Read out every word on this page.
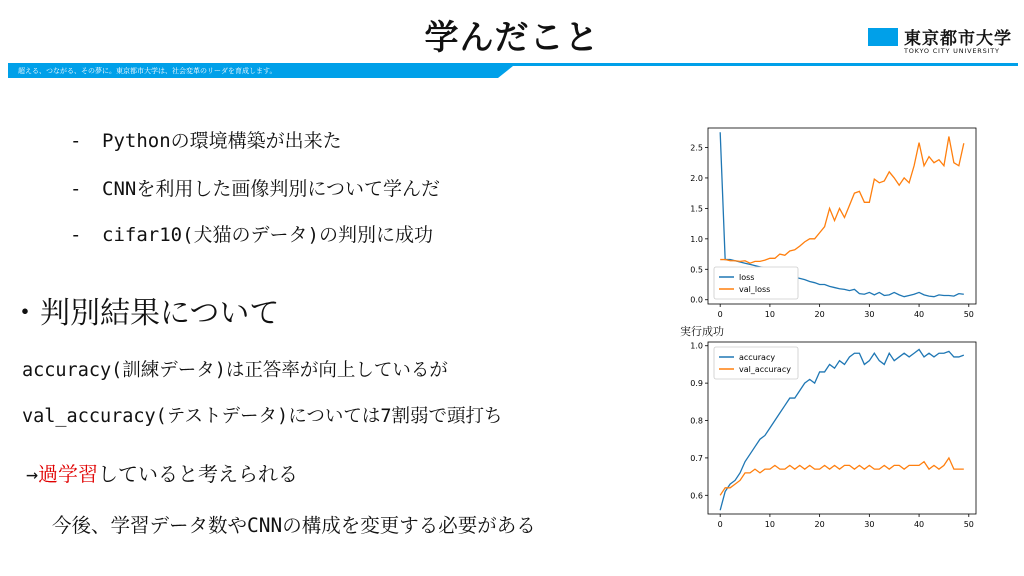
学んだこと	東京都市大学
TOKYO CITY UNIVERSITY
超える、つながる、その夢に。東京都市大学は、社会変革のリーダを育成します。
- Pythonの環境構築が出来た
- CNNを利用した画像判別について学んだ
- cifar10(犬猫のデータ)の判別に成功
・判別結果について
accuracy(訓練データ)は正答率が向上しているが
val_accuracy(テストデータ)については7割弱で頭打ち
→過学習していると考えられる
今後、学習データ数やCNNの構成を変更する必要がある
0	10	20	30	40	50
0.0
0.5
1.0
1.5
2.0
2.5
loss
val_loss
実行成功
0	10	20	30	40	50
0.6
0.7
0.8
0.9
1.0
accuracy
val_accuracy
